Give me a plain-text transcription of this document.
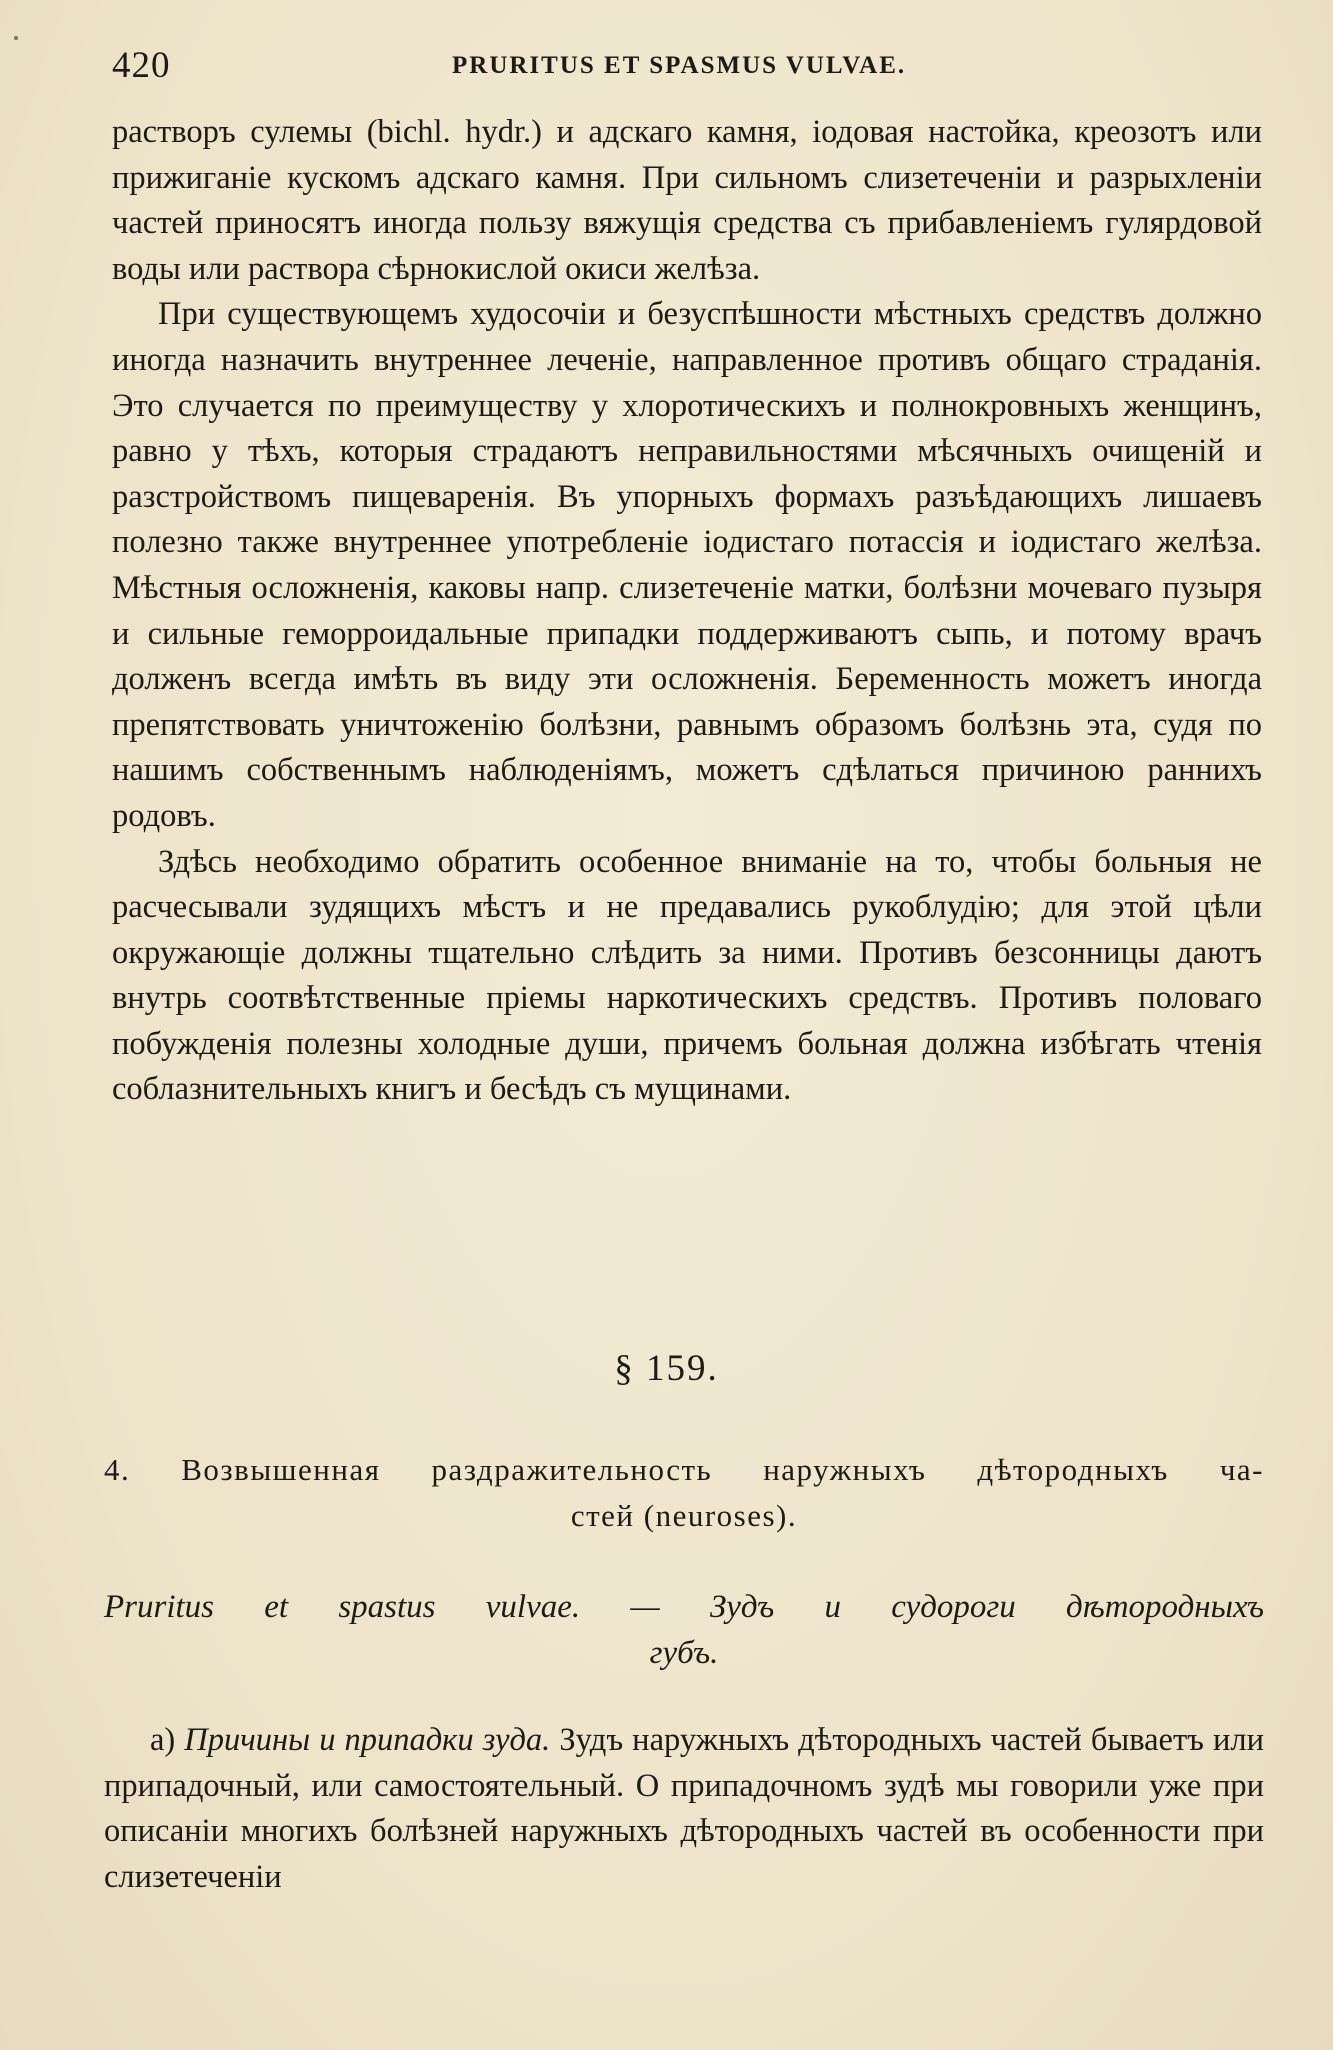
420	PRURITUS ET SPASMUS VULVAE.

растворъ сулемы (bichl. hydr.) и адскаго камня, іодовая настойка, креозотъ или прижиганіе кускомъ адскаго камня. При сильномъ слизетеченіи и разрыхленіи частей приносятъ иногда пользу вяжущія средства съ прибавленіемъ гулярдовой воды или раствора сѣрнокислой окиси желѣза.

При существующемъ худосочіи и безуспѣшности мѣстныхъ средствъ должно иногда назначить внутреннее леченіе, направленное противъ общаго страданія. Это случается по преимуществу у хлоротическихъ и полнокровныхъ женщинъ, равно у тѣхъ, которыя страдаютъ неправильностями мѣсячныхъ очищеній и разстройствомъ пищеваренія. Въ упорныхъ формахъ разъѣдающихъ лишаевъ полезно также внутреннее употребленіе іодистаго потассія и іодистаго желѣза. Мѣстныя осложненія, каковы напр. слизетеченіе матки, болѣзни мочеваго пузыря и сильные геморроидальные припадки поддерживаютъ сыпь, и потому врачъ долженъ всегда имѣть въ виду эти осложненія. Беременность можетъ иногда препятствовать уничтоженію болѣзни, равнымъ образомъ болѣзнь эта, судя по нашимъ собственнымъ наблюденіямъ, можетъ сдѣлаться причиною раннихъ родовъ.

Здѣсь необходимо обратить особенное вниманіе на то, чтобы больныя не расчесывали зудящихъ мѣстъ и не предавались рукоблудію; для этой цѣли окружающіе должны тщательно слѣдить за ними. Противъ безсонницы даютъ внутрь соотвѣтственные пріемы наркотическихъ средствъ. Противъ половаго побужденія полезны холодные души, причемъ больная должна избѣгать чтенія соблазнительныхъ книгъ и бесѣдъ съ мущинами.

§ 159.
4. Возвышенная раздражительность наружныхъ дѣтородныхъ ча-
стей (neuroses).
Pruritus et spastus vulvae. — Зудъ и судороги дѣтородныхъ
губъ.
а) Причины и припадки зуда. Зудъ наружныхъ дѣтородныхъ частей бываетъ или припадочный, или самостоятельный. О припадочномъ зудѣ мы говорили уже при описаніи многихъ болѣзней наружныхъ дѣтородныхъ частей въ особенности при слизетеченіи
